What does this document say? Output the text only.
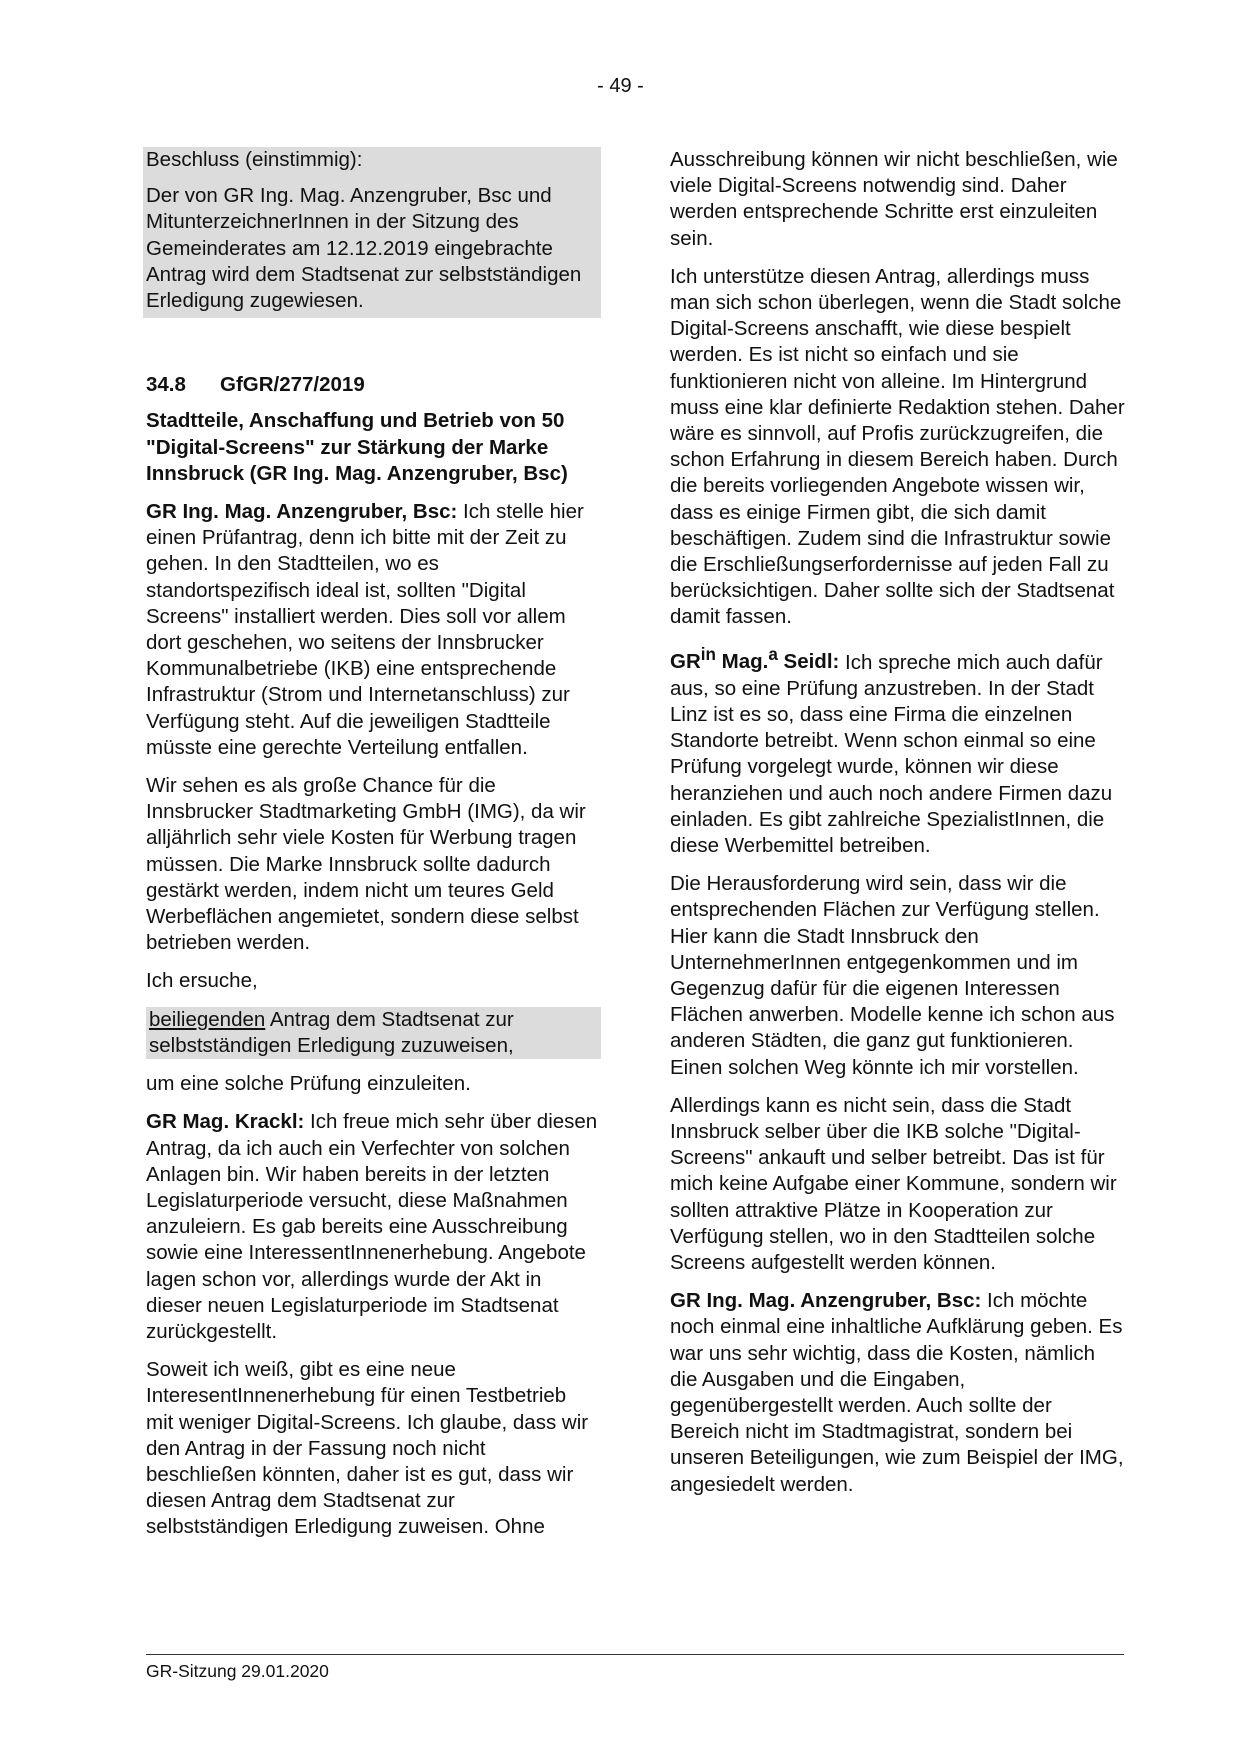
- 49 -

Beschluss (einstimmig):

Der von GR Ing. Mag. Anzengruber, Bsc und MitunterzeichnerInnen in der Sitzung des Gemeinderates am 12.12.2019 eingebrachte Antrag wird dem Stadtsenat zur selbstständigen Erledigung zugewiesen.

34.8	GfGR/277/2019

Stadtteile, Anschaffung und Betrieb von 50 "Digital-Screens" zur Stärkung der Marke Innsbruck (GR Ing. Mag. Anzengruber, Bsc)

GR Ing. Mag. Anzengruber, Bsc: Ich stelle hier einen Prüfantrag, denn ich bitte mit der Zeit zu gehen. In den Stadtteilen, wo es standortspezifisch ideal ist, sollten "Digital Screens" installiert werden. Dies soll vor allem dort geschehen, wo seitens der Innsbrucker Kommunalbetriebe (IKB) eine entsprechende Infrastruktur (Strom und Internetanschluss) zur Verfügung steht. Auf die jeweiligen Stadtteile müsste eine gerechte Verteilung entfallen.

Wir sehen es als große Chance für die Innsbrucker Stadtmarketing GmbH (IMG), da wir alljährlich sehr viele Kosten für Werbung tragen müssen. Die Marke Innsbruck sollte dadurch gestärkt werden, indem nicht um teures Geld Werbeflächen angemietet, sondern diese selbst betrieben werden.

Ich ersuche,

beiliegenden Antrag dem Stadtsenat zur selbstständigen Erledigung zuzuweisen,

um eine solche Prüfung einzuleiten.

GR Mag. Krackl: Ich freue mich sehr über diesen Antrag, da ich auch ein Verfechter von solchen Anlagen bin. Wir haben bereits in der letzten Legislaturperiode versucht, diese Maßnahmen anzuleiern. Es gab bereits eine Ausschreibung sowie eine InteressentInnenerhebung. Angebote lagen schon vor, allerdings wurde der Akt in dieser neuen Legislaturperiode im Stadtsenat zurückgestellt.

Soweit ich weiß, gibt es eine neue InteresentInnenerhebung für einen Testbetrieb mit weniger Digital-Screens. Ich glaube, dass wir den Antrag in der Fassung noch nicht beschließen könnten, daher ist es gut, dass wir diesen Antrag dem Stadtsenat zur selbstständigen Erledigung zuweisen. Ohne

Ausschreibung können wir nicht beschließen, wie viele Digital-Screens notwendig sind. Daher werden entsprechende Schritte erst einzuleiten sein.

Ich unterstütze diesen Antrag, allerdings muss man sich schon überlegen, wenn die Stadt solche Digital-Screens anschafft, wie diese bespielt werden. Es ist nicht so einfach und sie funktionieren nicht von alleine. Im Hintergrund muss eine klar definierte Redaktion stehen. Daher wäre es sinnvoll, auf Profis zurückzugreifen, die schon Erfahrung in diesem Bereich haben. Durch die bereits vorliegenden Angebote wissen wir, dass es einige Firmen gibt, die sich damit beschäftigen. Zudem sind die Infrastruktur sowie die Erschließungserfordernisse auf jeden Fall zu berücksichtigen. Daher sollte sich der Stadtsenat damit fassen.

$GR^{in}$ Mag.$^a$ Seidl: Ich spreche mich auch dafür aus, so eine Prüfung anzustreben. In der Stadt Linz ist es so, dass eine Firma die einzelnen Standorte betreibt. Wenn schon einmal so eine Prüfung vorgelegt wurde, können wir diese heranziehen und auch noch andere Firmen dazu einladen. Es gibt zahlreiche SpezialistInnen, die diese Werbemittel betreiben.

Die Herausforderung wird sein, dass wir die entsprechenden Flächen zur Verfügung stellen. Hier kann die Stadt Innsbruck den UnternehmerInnen entgegenkommen und im Gegenzug dafür für die eigenen Interessen Flächen anwerben. Modelle kenne ich schon aus anderen Städten, die ganz gut funktionieren. Einen solchen Weg könnte ich mir vorstellen.

Allerdings kann es nicht sein, dass die Stadt Innsbruck selber über die IKB solche "Digital-Screens" ankauft und selber betreibt. Das ist für mich keine Aufgabe einer Kommune, sondern wir sollten attraktive Plätze in Kooperation zur Verfügung stellen, wo in den Stadtteilen solche Screens aufgestellt werden können.

GR Ing. Mag. Anzengruber, Bsc: Ich möchte noch einmal eine inhaltliche Aufklärung geben. Es war uns sehr wichtig, dass die Kosten, nämlich die Ausgaben und die Eingaben, gegenübergestellt werden. Auch sollte der Bereich nicht im Stadtmagistrat, sondern bei unseren Beteiligungen, wie zum Beispiel der IMG, angesiedelt werden.

GR-Sitzung 29.01.2020
